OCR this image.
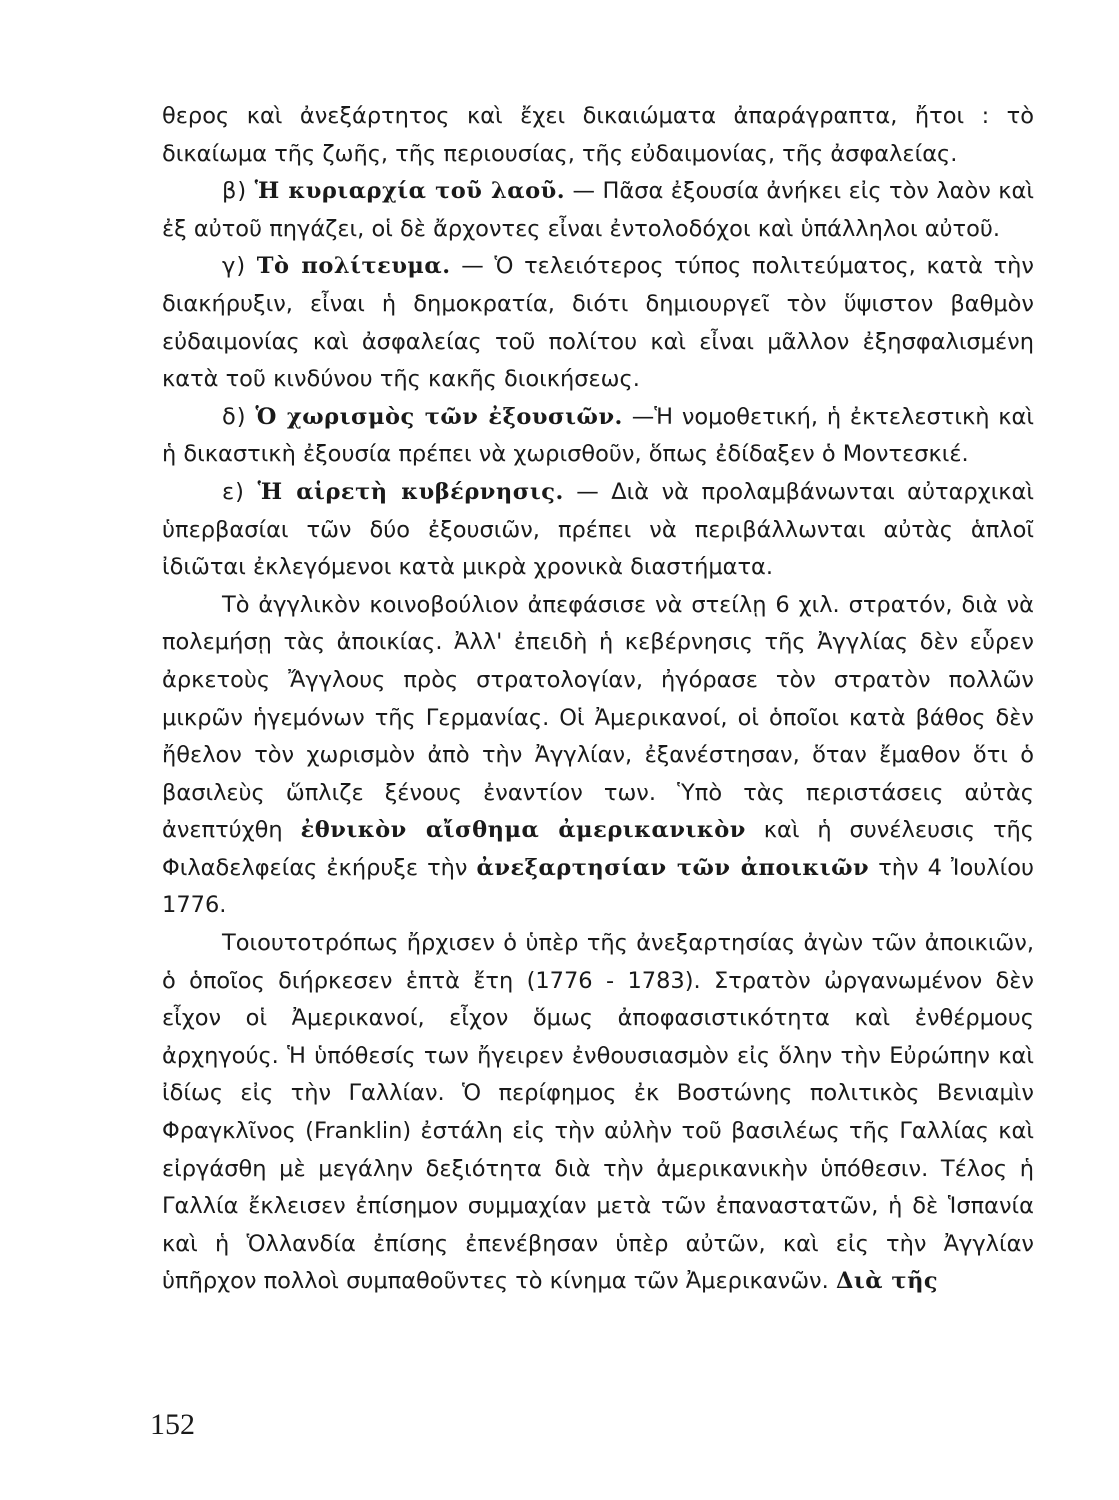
θερος καὶ ἀνεξάρτητος καὶ ἔχει δικαιώματα ἀπαράγραπτα, ἤτοι : τὸ δικαίωμα τῆς ζωῆς, τῆς περιουσίας, τῆς εὐδαιμονίας, τῆς ἀσφαλείας.

β) Ἡ κυριαρχία τοῦ λαοῦ. — Πᾶσα ἐξουσία ἀνήκει εἰς τὸν λαὸν καὶ ἐξ αὐτοῦ πηγάζει, οἱ δὲ ἄρχοντες εἶναι ἐντολοδόχοι καὶ ὑπάλληλοι αὐτοῦ.

γ) Τὸ πολίτευμα. — Ὁ τελειότερος τύπος πολιτεύματος, κατὰ τὴν διακήρυξιν, εἶναι ἡ δημοκρατία, διότι δημιουργεῖ τὸν ὕψιστον βαθμὸν εὐδαιμονίας καὶ ἀσφαλείας τοῦ πολίτου καὶ εἶναι μᾶλλον ἐξησφαλισμένη κατὰ τοῦ κινδύνου τῆς κακῆς διοικήσεως.

δ) Ὁ χωρισμὸς τῶν ἐξουσιῶν. —Ἡ νομοθετική, ἡ ἐκτελεστικὴ καὶ ἡ δικαστικὴ ἐξουσία πρέπει νὰ χωρισθοῦν, ὅπως ἐδίδαξεν ὁ Μοντεσκιέ.

ε) Ἡ αἱρετὴ κυβέρνησις. — Διὰ νὰ προλαμβάνωνται αὐταρχικαὶ ὑπερβασίαι τῶν δύο ἐξουσιῶν, πρέπει νὰ περιβάλλωνται αὐτὰς ἁπλοῖ ἰδιῶται ἐκλεγόμενοι κατὰ μικρὰ χρονικὰ διαστήματα.

Τὸ ἀγγλικὸν κοινοβούλιον ἀπεφάσισε νὰ στείλῃ 6 χιλ. στρατόν, διὰ νὰ πολεμήσῃ τὰς ἀποικίας. Ἀλλ' ἐπειδὴ ἡ κεβέρνησις τῆς Ἀγγλίας δὲν εὗρεν ἀρκετοὺς Ἄγγλους πρὸς στρατολογίαν, ἠγόρασε τὸν στρατὸν πολλῶν μικρῶν ἡγεμόνων τῆς Γερμανίας. Οἱ Ἀμερικανοί, οἱ ὁποῖοι κατὰ βάθος δὲν ἤθελον τὸν χωρισμὸν ἀπὸ τὴν Ἀγγλίαν, ἐξανέστησαν, ὅταν ἔμαθον ὅτι ὁ βασιλεὺς ὥπλιζε ξένους ἐναντίον των. Ὑπὸ τὰς περιστάσεις αὐτὰς ἀνεπτύχθη ἐθνικὸν αἴσθημα ἀμερικανικὸν καὶ ἡ συνέλευσις τῆς Φιλαδελφείας ἐκήρυξε τὴν ἀνεξαρτησίαν τῶν ἀποικιῶν τὴν 4 Ἰουλίου 1776.

Τοιουτοτρόπως ἤρχισεν ὁ ὑπὲρ τῆς ἀνεξαρτησίας ἀγὼν τῶν ἀποικιῶν, ὁ ὁποῖος διήρκεσεν ἑπτὰ ἔτη (1776 - 1783). Στρατὸν ὠργανωμένον δὲν εἶχον οἱ Ἀμερικανοί, εἶχον ὅμως ἀποφασιστικότητα καὶ ἐνθέρμους ἀρχηγούς. Ἡ ὑπόθεσίς των ἤγειρεν ἐνθουσιασμὸν εἰς ὅλην τὴν Εὐρώπην καὶ ἰδίως εἰς τὴν Γαλλίαν. Ὁ περίφημος ἐκ Βοστώνης πολιτικὸς Βενιαμὶν Φραγκλῖνος (Franklin) ἐστάλη εἰς τὴν αὐλὴν τοῦ βασιλέως τῆς Γαλλίας καὶ εἰργάσθη μὲ μεγάλην δεξιότητα διὰ τὴν ἀμερικανικὴν ὑπόθεσιν. Τέλος ἡ Γαλλία ἔκλεισεν ἐπίσημον συμμαχίαν μετὰ τῶν ἐπαναστατῶν, ἡ δὲ Ἱσπανία καὶ ἡ Ὁλλανδία ἐπίσης ἐπενέβησαν ὑπὲρ αὐτῶν, καὶ εἰς τὴν Ἀγγλίαν ὑπῆρχον πολλοὶ συμπαθοῦντες τὸ κίνημα τῶν Ἀμερικανῶν. Διὰ τῆς

152
